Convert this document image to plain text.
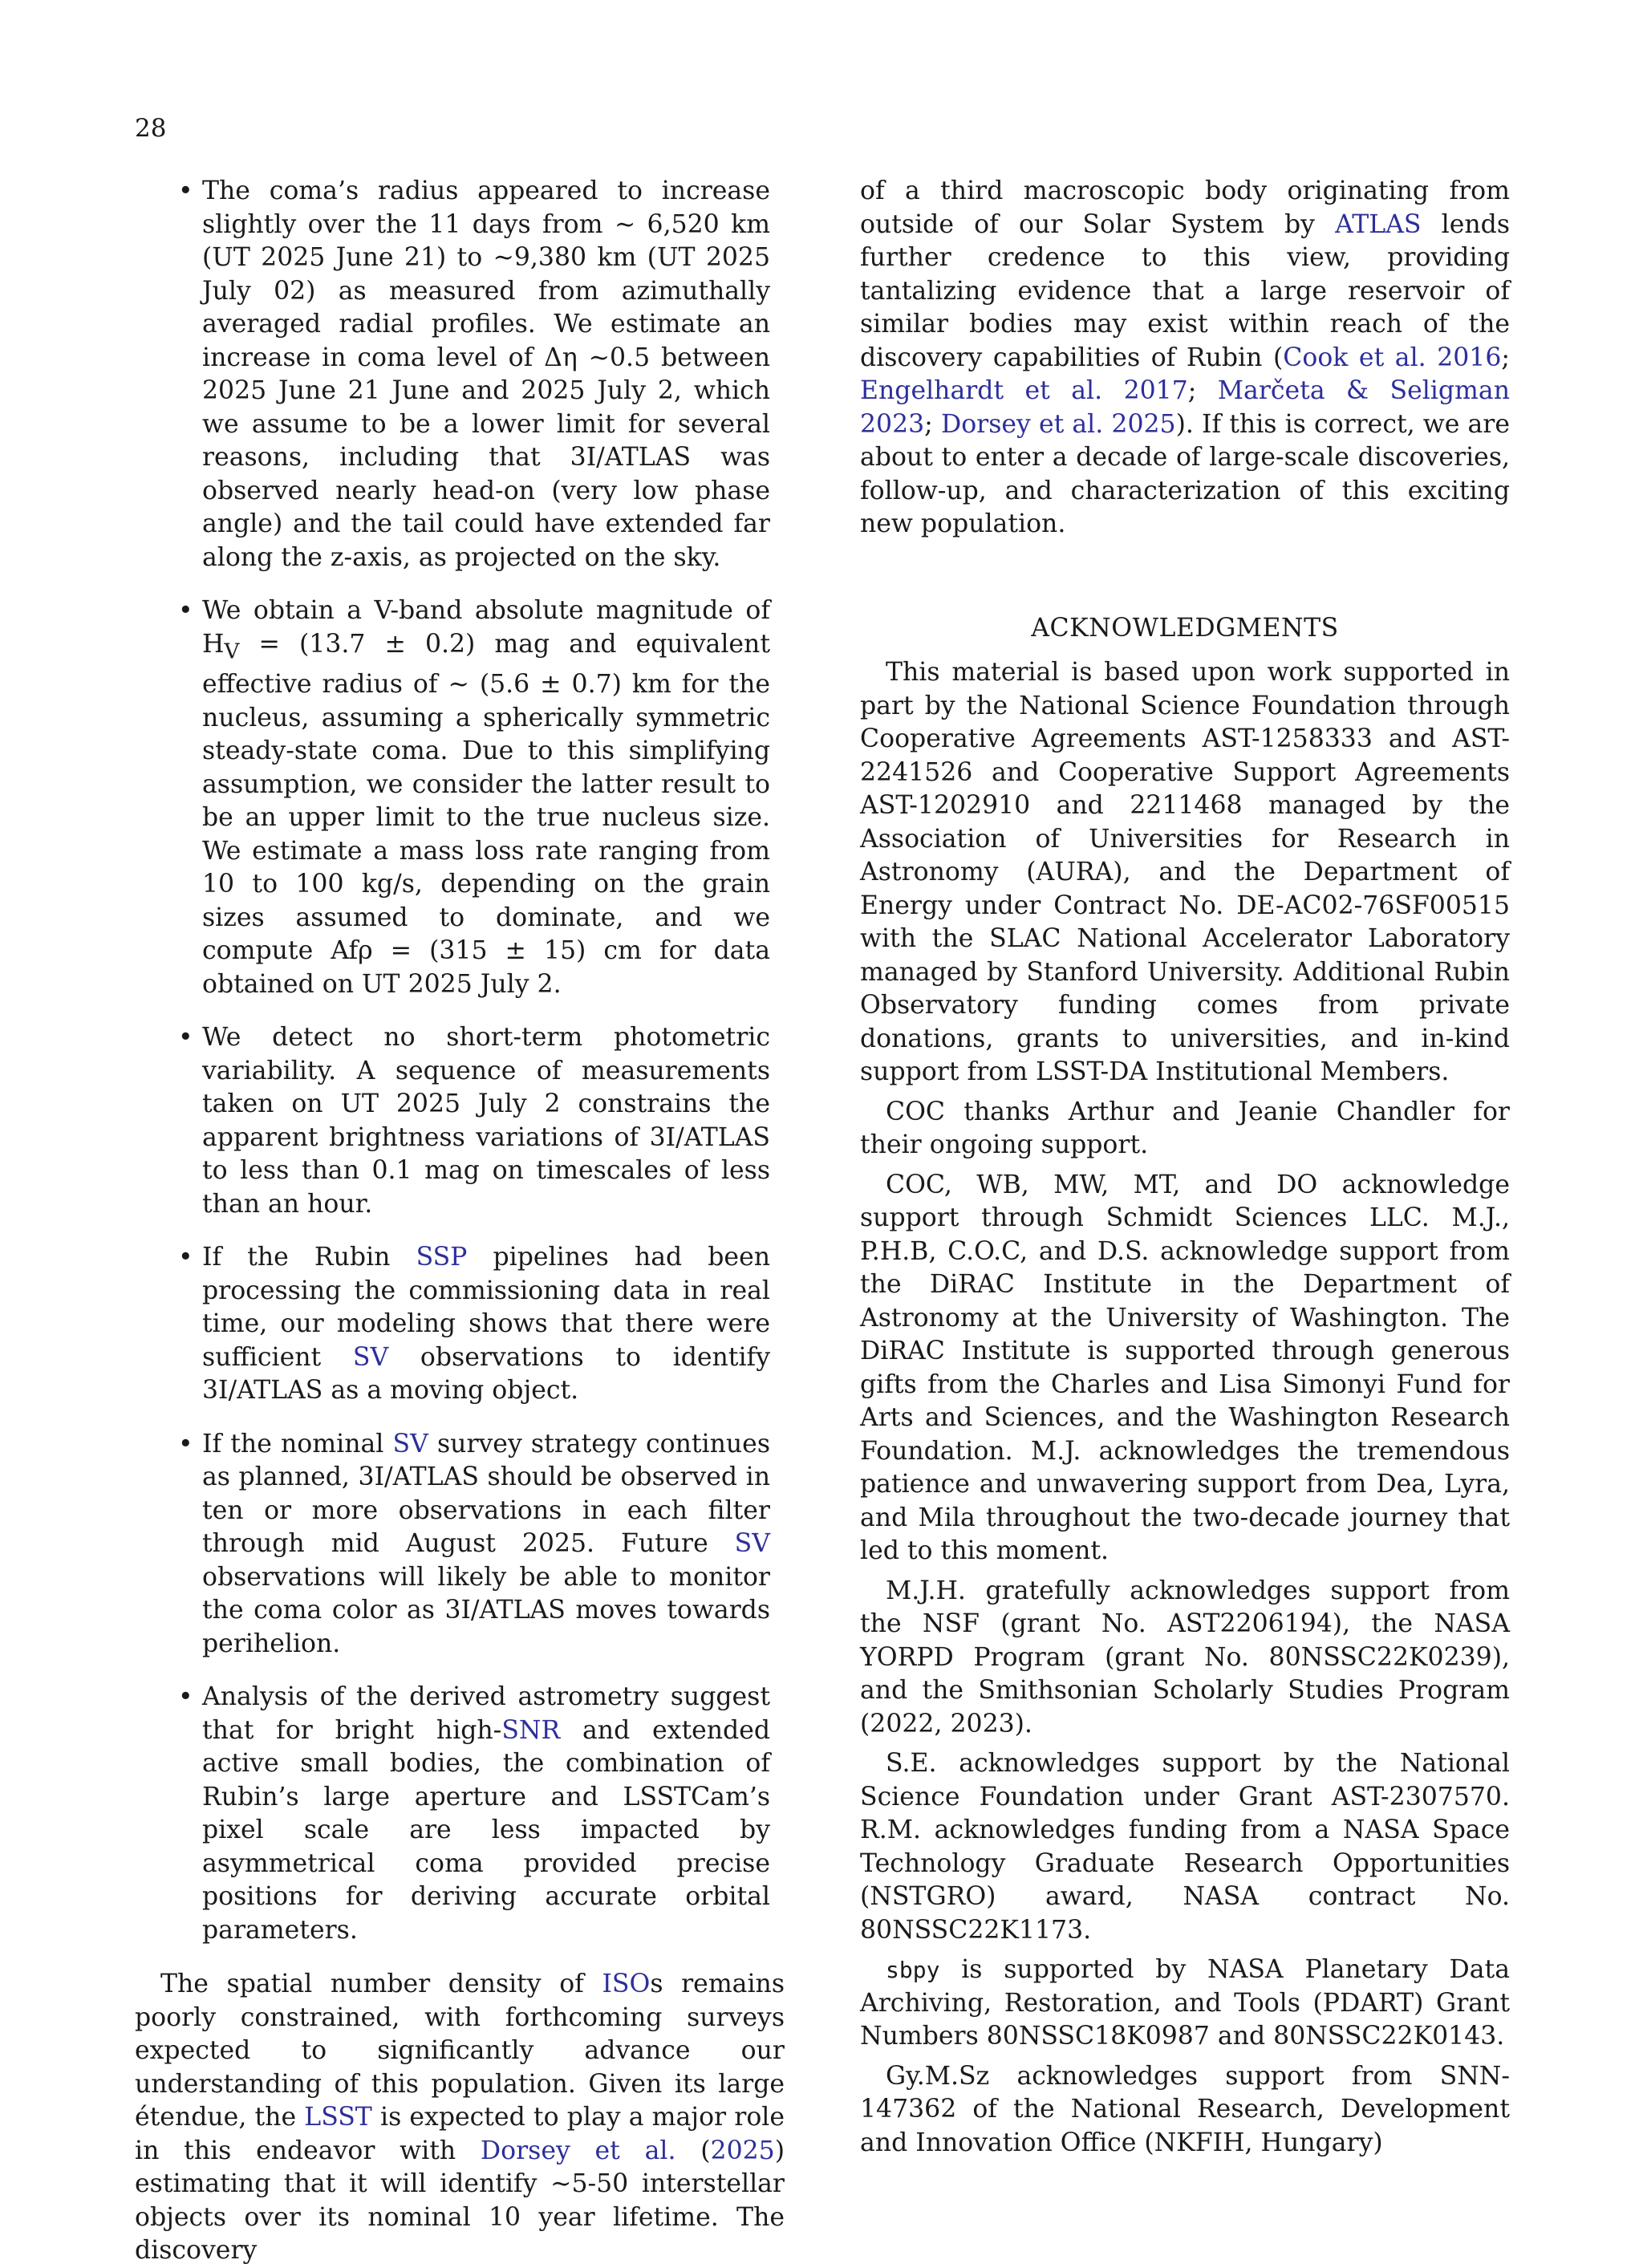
28
• The coma’s radius appeared to increase slightly over the 11 days from ∼ 6,520 km (UT 2025 June 21) to ∼9,380 km (UT 2025 July 02) as measured from azimuthally averaged radial profiles. We estimate an increase in coma level of Δη ∼0.5 between 2025 June 21 June and 2025 July 2, which we assume to be a lower limit for several reasons, including that 3I/ATLAS was observed nearly head-on (very low phase angle) and the tail could have extended far along the z-axis, as projected on the sky.
• We obtain a V-band absolute magnitude of $H_V = (13.7 \pm 0.2)$ mag and equivalent effective radius of ∼ (5.6 ± 0.7) km for the nucleus, assuming a spherically symmetric steady-state coma. Due to this simplifying assumption, we consider the latter result to be an upper limit to the true nucleus size. We estimate a mass loss rate ranging from 10 to 100 kg/s, depending on the grain sizes assumed to dominate, and we compute Afρ = (315 ± 15) cm for data obtained on UT 2025 July 2.
• We detect no short-term photometric variability. A sequence of measurements taken on UT 2025 July 2 constrains the apparent brightness variations of 3I/ATLAS to less than 0.1 mag on timescales of less than an hour.
• If the Rubin SSP pipelines had been processing the commissioning data in real time, our modeling shows that there were sufficient SV observations to identify 3I/ATLAS as a moving object.
• If the nominal SV survey strategy continues as planned, 3I/ATLAS should be observed in ten or more observations in each filter through mid August 2025. Future SV observations will likely be able to monitor the coma color as 3I/ATLAS moves towards perihelion.
• Analysis of the derived astrometry suggest that for bright high-SNR and extended active small bodies, the combination of Rubin’s large aperture and LSSTCam’s pixel scale are less impacted by asymmetrical coma provided precise positions for deriving accurate orbital parameters.

The spatial number density of ISOs remains poorly constrained, with forthcoming surveys expected to significantly advance our understanding of this population. Given its large étendue, the LSST is expected to play a major role in this endeavor with Dorsey et al. (2025) estimating that it will identify ∼5-50 interstellar objects over its nominal 10 year lifetime. The discovery

of a third macroscopic body originating from outside of our Solar System by ATLAS lends further credence to this view, providing tantalizing evidence that a large reservoir of similar bodies may exist within reach of the discovery capabilities of Rubin (Cook et al. 2016; Engelhardt et al. 2017; Marčeta & Seligman 2023; Dorsey et al. 2025). If this is correct, we are about to enter a decade of large-scale discoveries, follow-up, and characterization of this exciting new population.

ACKNOWLEDGMENTS

This material is based upon work supported in part by the National Science Foundation through Cooperative Agreements AST-1258333 and AST-2241526 and Cooperative Support Agreements AST-1202910 and 2211468 managed by the Association of Universities for Research in Astronomy (AURA), and the Department of Energy under Contract No. DE-AC02-76SF00515 with the SLAC National Accelerator Laboratory managed by Stanford University. Additional Rubin Observatory funding comes from private donations, grants to universities, and in-kind support from LSST-DA Institutional Members.

COC thanks Arthur and Jeanie Chandler for their ongoing support.

COC, WB, MW, MT, and DO acknowledge support through Schmidt Sciences LLC. M.J., P.H.B, C.O.C, and D.S. acknowledge support from the DiRAC Institute in the Department of Astronomy at the University of Washington. The DiRAC Institute is supported through generous gifts from the Charles and Lisa Simonyi Fund for Arts and Sciences, and the Washington Research Foundation. M.J. acknowledges the tremendous patience and unwavering support from Dea, Lyra, and Mila throughout the two-decade journey that led to this moment.

M.J.H. gratefully acknowledges support from the NSF (grant No. AST2206194), the NASA YORPD Program (grant No. 80NSSC22K0239), and the Smithsonian Scholarly Studies Program (2022, 2023).

S.E. acknowledges support by the National Science Foundation under Grant AST-2307570. R.M. acknowledges funding from a NASA Space Technology Graduate Research Opportunities (NSTGRO) award, NASA contract No. 80NSSC22K1173.

sbpy is supported by NASA Planetary Data Archiving, Restoration, and Tools (PDART) Grant Numbers 80NSSC18K0987 and 80NSSC22K0143.

Gy.M.Sz acknowledges support from SNN-147362 of the National Research, Development and Innovation Office (NKFIH, Hungary)
